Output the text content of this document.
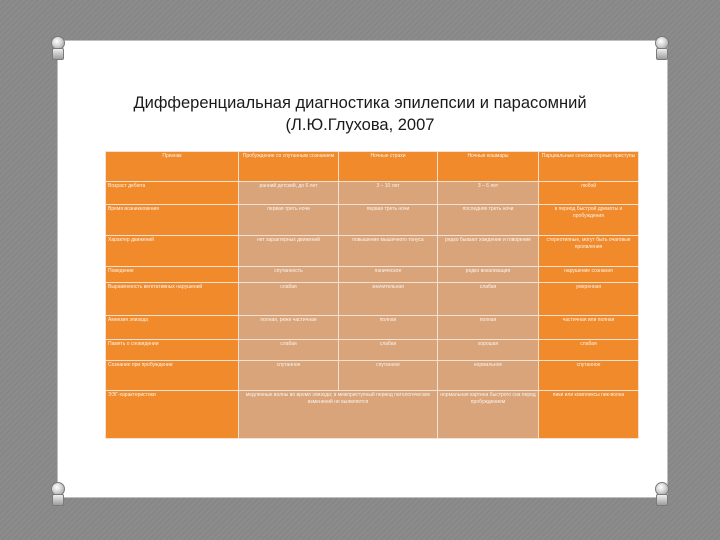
Дифференциальная диагностика эпилепсии и парасомний
(Л.Ю.Глухова, 2007
Признак	Пробуждение со спутанным сознанием	Ночные страхи	Ночные кошмары	Парциальные сенсомоторные приступы
Возраст дебюта	ранний детский, до 6 лет	3 – 10 лет	3 – 6 лет	любой
Время возникновения	первая треть ночи	первая треть ночи	последняя треть ночи	в период быстрой дремоты и пробуждения
Характер движений	нет характерных движений	повышение мышечного тонуса	редко бывают хождение и говорение	стереотипные, могут быть очаговые проявления
Поведение	спутанность	паническое	редко вокализация	нарушение сознания
Выраженность вегетативных нарушений	слабая	значительная	слабая	умеренная
Амнезия эпизода	полная, реже частичная	полная	полная	частичная или полная
Память о сновидении	слабая	слабая	хорошая	слабая
Сознание при пробуждении	спутанное	спутанное	нормальное	спутанное
ЭЭГ-характеристики	медленные волны во время эпизода; в межприступный период патологических изменений не выявляется		нормальная картина быстрого сна перед пробуждением	пики или комплексы пик-волна
